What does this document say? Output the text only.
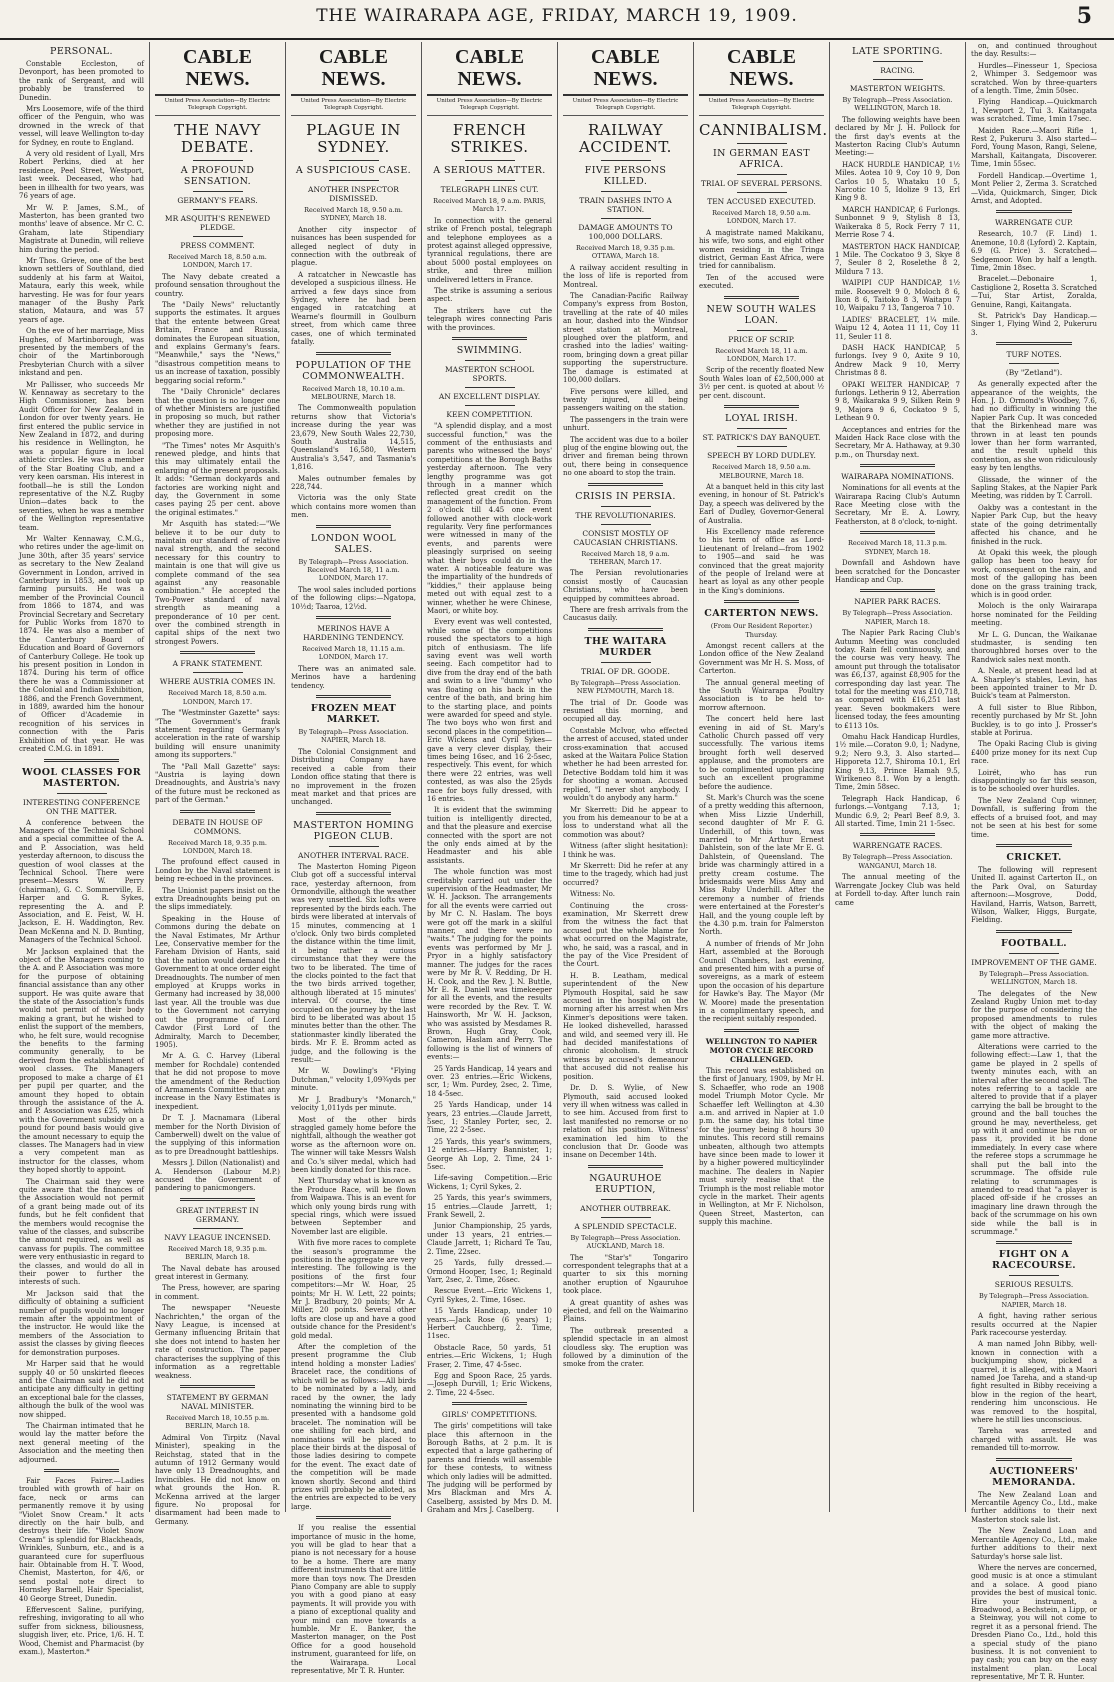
THE WAIRARAPA AGE, FRIDAY, MARCH 19, 1909.	5
PERSONAL.

Constable Eccleston, of Devonport, has been promoted to the rank of Sergeant, and will probably be transferred to Dunedin.

Mrs Loosemore, wife of the third officer of the Penguin, who was drowned in the wreck of that vessel, will leave Wellington to-day for Sydney, en route to England.

A very old resident of Lyall, Mrs Robert Perkins, died at her residence, Peel Street, Westport, last week. Deceased, who had been in illhealth for two years, was 76 years of age.

Mr W. P. James, S.M., of Masterton, has been granted two months' leave of absence. Mr C. C. Graham, late Stipendiary Magistrate at Dunedin, will relieve him during the period.

Mr Thos. Grieve, one of the best known settlers of Southland, died suddenly at his farm at Waitoi, Mataura, early this week, while harvesting. He was for four years manager of the Bushy Park station, Mataura, and was 57 years of age.

On the eve of her marriage, Miss Hughes, of Martinborough, was presented by the members of the choir of the Martinborough Presbyterian Church with a silver inkstand and pen.

Mr Pallisser, who succeeds Mr W. Kennaway as secretary to the High Commissioner, has been Audit Officer for New Zealand in London for over twenty years. He first entered the public service in New Zealand in 1872, and during his residence in Wellington, he was a popular figure in local athletic circles. He was a member of the Star Boating Club, and a very keen oarsman. His interest in football—he is still the London representative of the N.Z. Rugby Union—dates back to the seventies, when he was a member of the Wellington representative team.

Mr Walter Kennaway, C.M.G., who retires under the age-limit on June 30th, after 35 years' service as secretary to the New Zealand Government in London, arrived in Canterbury in 1853, and took up farming pursuits. He was a member of the Provincial Council from 1866 to 1874, and was Provincial Secretary and Secretary for Public Works from 1870 to 1874. He was also a member of the Canterbury Board of Education and Board of Governors of Canterbury College. He took up his present position in London in 1874. During his term of office there he was a Commissioner at the Colonial and Indian Exhibition, 1886, and the French Government, in 1889, awarded him the honour of Officer d'Academie in recognition of his services in connection with the Paris Exhibition of that year. He was created C.M.G. in 1891.

WOOL CLASSES FOR MASTERTON.
INTERESTING CONFERENCE ON THE MATTER.

A conference between the Managers of the Technical School and a special committee of the A. and P. Association, was held yesterday afternoon, to discuss the question of wool classes at the Technical School. There were present—Messrs W. Perry (chairman), G. C. Sommerville, E. Harper and G. R. Sykes, representing the A. and P. Association, and E. Feist, W. H. Jackson, E. H. Waddington, Rev. Dean McKenna and N. D. Bunting, Managers of the Technical School.

Mr Jackson explained that the object of the Managers coming to the A. and P. Association was more for the purpose of obtaining financial assistance than any other support. He was quite aware that the state of the Association's funds would not permit of their body making a grant, but he wished to enlist the support of the members, who, he felt sure, would recognise the benefits to the farming community generally, to be derived from the establishment of wool classes. The Managers proposed to make a charge of £1 per pupil per quarter, and the amount they hoped to obtain through the assistance of the A. and P. Association was £25, which with the Government subsidy on a pound for pound basis would give the amount necessary to equip the classes. The Managers had in view a very competent man as instructor for the classes, whom they hoped shortly to appoint.

The Chairman said they were quite aware that the finances of the Association would not permit of a grant being made out of its funds, but he felt confident that the members would recognise the value of the classes, and subscribe the amount required, as well as canvass for pupils. The committee were very enthusiastic in regard to the classes, and would do all in their power to further the interests of such.

Mr Jackson said that the difficulty of obtaining a sufficient number of pupils would no longer remain after the appointment of the instructor. He would like the members of the Association to assist the classes by giving fleeces for demonstration purposes.

Mr Harper said that he would supply 40 or 50 unskirted fleeces and the Chairman said he did not anticipate any difficulty in getting an exceptional bale for the classes, although the bulk of the wool was now shipped.

The Chairman intimated that he would lay the matter before the next general meeting of the Association and the meeting then adjourned.

Fair Faces Fairer.—Ladies troubled with growth of hair on face, neck or arms can permanently remove it by using "Violet Snow Cream." It acts directly on the hair bulb, and destroys their life. "Violet Snow Cream" is splendid for Blackheads, Wrinkles, Sunburn, etc., and is a guaranteed cure for superfluous hair. Obtainable from H. T. Wood, Chemist, Masterton, for 4/6, or send postal note direct to Hornsley Barnell, Hair Specialist, 40 George Street, Dunedin.

Effervescent Saline, purifying, refreshing, invigorating to all who suffer from sickness, biliousness, sluggish liver, etc. Price, 1/6. H. T. Wood, Chemist and Pharmacist (by exam.), Masterton.*

CABLE NEWS.
United Press Association—By Electric Telegraph Copyright.
THE NAVY DEBATE.
A PROFOUND SENSATION.
GERMANY'S FEARS.
MR ASQUITH'S RENEWED PLEDGE.
PRESS COMMENT.
Received March 18, 8.50 a.m. LONDON, March 17.

The Navy debate created a profound sensation throughout the country.

The "Daily News" reluctantly supports the estimates. It argues that the entente between Great Britain, France and Russia, dominates the European situation, and explains Germany's fears. "Meanwhile," says the "News," "disastrous competition means to us an increase of taxation, possibly beggaring social reform."

The "Daily Chronicle" declares that the question is no longer one of whether Ministers are justified in proposing so much, but rather whether they are justified in not proposing more.

"The Times" notes Mr Asquith's renewed pledge, and hints that this may ultimately entail the enlarging of the present proposals. It adds: "German dockyards and factories are working night and day, the Government in some cases paying 25 per cent. above the original estimates."

Mr Asquith has stated:—"We believe it to be our duty to maintain our standard of relative naval strength, and the second necessary for this country to maintain is one that will give us complete command of the sea against any reasonable combination." He accepted the Two-Power standard of naval strength as meaning a preponderance of 10 per cent. over the combined strength in capital ships of the next two strongest Powers.

A FRANK STATEMENT.
WHERE AUSTRIA COMES IN.
Received March 18, 8.50 a.m. LONDON, March 17.

The "Westminster Gazette" says: "The Government's frank statement regarding Germany's acceleration in the rate of warship building will ensure unanimity among its supporters."

The "Pall Mall Gazette" says: "Austria is laying down Dreadnoughts, and Austria's navy of the future must be reckoned as part of the German."

DEBATE IN HOUSE OF COMMONS.
Received March 18, 9.35 p.m. LONDON, March 18.

The profound effect caused in London by the Naval statement is being re-echoed in the provinces.

The Unionist papers insist on the extra Dreadnoughts being put on the slips immediately.

Speaking in the House of Commons during the debate on the Naval Estimates, Mr Arthur Lee, Conservative member for the Fareham Division of Hants, said that the nation would demand the Government to at once order eight Dreadnoughts. The number of men employed at Krupps works in Germany had increased by 38,000 last year. All the trouble was due to the Government not carrying out the programme of Lord Cawdor (First Lord of the Admiralty, March to December, 1905).

Mr A. G. C. Harvey (Liberal member for Rochdale) contended that he did not propose to move the amendment of the Reduction of Armaments Committee that any increase in the Navy Estimates is inexpedient.

Dr T. J. Macnamara (Liberal member for the North Division of Camberwell) dwelt on the value of the supplying of this information as to pre Dreadnought battleships.

Messrs J. Dillon (Nationalist) and A. Henderson (Labour M.P.) accused the Government of pandering to panicmongers.

GREAT INTEREST IN GERMANY.
NAVY LEAGUE INCENSED.
Received March 18, 9.35 p.m. BERLIN, March 18.

The Naval debate has aroused great interest in Germany.

The Press, however, are sparing in comment.

The newspaper "Neueste Nachrichten," the organ of the Navy League, is incensed at Germany influencing Britain that she does not intend to hasten her rate of construction. The paper characterises the supplying of this information as a regrettable weakness.

STATEMENT BY GERMAN NAVAL MINISTER.
Received March 18, 10.55 p.m. BERLIN, March 18.

Admiral Von Tirpitz (Naval Minister), speaking in the Reichstag, stated that in the autumn of 1912 Germany would have only 13 Dreadnoughts, and Invincibles. He did not know on what grounds the Hon. R. McKenna arrived at the larger figure. No proposal for disarmament had been made to Germany.

CABLE NEWS.
United Press Association—By Electric Telegraph Copyright.
PLAGUE IN SYDNEY.
A SUSPICIOUS CASE.
ANOTHER INSPECTOR DISMISSED.
Received March 18, 9.50 a.m. SYDNEY, March 18.

Another city inspector of nuisances has been suspended for alleged neglect of duty in connection with the outbreak of plague.

A ratcatcher in Newcastle has developed a suspicious illness. He arrived a few days since from Sydney, where he had been engaged in ratcatching at Wearne's flourmill in Goulburn street, from which came three cases, one of which terminated fatally.

POPULATION OF THE COMMONWEALTH.
Received March 18, 10.10 a.m. MELBOURNE, March 18.

The Commonwealth population returns show that Victoria's increase during the year was 23,679, New South Wales 22,730, South Australia 14,515, Queensland's 16,580, Western Australia's 3,547, and Tasmania's 1,816.

Males outnumber females by 228,744.

Victoria was the only State which contains more women than men.

LONDON WOOL SALES.
By Telegraph—Press Association. Received March 18, 11 a.m. LONDON, March 17.

The wool sales included portions of the following clips:—Ngatopa, 10½d; Taaroa, 12½d.

MERINOS HAVE A HARDENING TENDENCY.
Received March 18, 11.15 a.m. LONDON, March 17.

There was an animated sale. Merinos have a hardening tendency.

FROZEN MEAT MARKET.
By Telegraph—Press Association. NAPIER, March 18.

The Colonial Consignment and Distributing Company have received a cable from their London office stating that there is no improvement in the frozen meat market and that prices are unchanged.

MASTERTON HOMING PIGEON CLUB.
ANOTHER INTERVAL RACE.

The Masterton Homing Pigeon Club got off a successful interval race, yesterday afternoon, from Ormondville, although the weather was very unsettled. Six lofts were represented by the birds each. The birds were liberated at intervals of 15 minutes, commencing at 1 o'clock. Only two birds completed the distance within the time limit, it being rather a curious circumstance that they were the two to be liberated. The time of the clocks pointed to the fact that the two birds arrived together, although liberated at 15 minutes' interval. Of course, the time occupied on the journey by the last bird to be liberated was about 15 minutes better than the other. The stationmaster kindly liberated the birds. Mr F. E. Bromm acted as judge, and the following is the result:—

Mr W. Dowling's "Flying Dutchman," velocity 1,09¾yds per minute.

Mr J. Bradbury's "Monarch," velocity 1,011yds per minute.

Most of the other birds straggled gamely home before the nightfall, although the weather got worse as the afternoon wore on. The winner will take Messrs Walsh and Co.'s silver medal, which had been kindly donated for this race.

Next Thursday what is known as the Produce Race, will be flown from Waipawa. This is an event for which only young birds rung with special rings, which were issued between September and November last are eligible.

With five more races to complete the season's programme the positions in the aggregate are very interesting. The following is the positions of the first four competitors:—Mr W. Hoar, 25 points; Mr H. W. Lett, 22 points; Mr J. Bradbury, 20 points; Mr A. Miller, 20 points. Several other lofts are close up and have a good outside chance for the President's gold medal.

After the completion of the present programme the Club intend holding a monster Ladies' Bracelet race, the conditions of which will be as follows:—All birds to be nominated by a lady, and raced by the owner, the lady nominating the winning bird to be presented with a handsome gold bracelet. The nomination will be one shilling for each bird, and nominations will be placed to place their birds at the disposal of those ladies desiring to compete for the event. The exact date of the competition will be made known shortly. Second and third prizes will probably be alloted, as the entries are expected to be very large.

If you realise the essential importance of music in the home, you will be glad to hear that a piano is not necessary for a house to be a home. There are many different instruments that are little more than toys now. The Dresden Piano Company are able to supply you with a good piano at easy payments. It will provide you with a piano of exceptional quality and your mind can move towards a humble. Mr E. Banker, the Masterton manager, on the Post Office for a good household instrument, guaranteed for life, on the Wairarapa. Local representative, Mr T. R. Hunter.

CABLE NEWS.
United Press Association—By Electric Telegraph Copyright.
FRENCH STRIKES.
A SERIOUS MATTER.
TELEGRAPH LINES CUT.
Received March 18, 9 a.m. PARIS, March 17.

In connection with the general strike of French postal, telegraph and telephone employees as a protest against alleged oppressive, tyrannical regulations, there are about 5000 postal employees on strike, and three million undelivered letters in France.

The strike is assuming a serious aspect.

The strikers have cut the telegraph wires connecting Paris with the provinces.

SWIMMING.
MASTERTON SCHOOL SPORTS.
AN EXCELLENT DISPLAY.
KEEN COMPETITION.

"A splendid display, and a most successful function," was the comment of the enthusiasts and parents who witnessed the boys' competitions at the Borough Baths yesterday afternoon. The very lengthy programme was got through in a manner which reflected great credit on the management of the function. From 2 o'clock till 4.45 one event followed another with clock-work regularity. Very fine performances were witnessed in many of the events, and parents were pleasingly surprised on seeing what their boys could do in the water. A noticeable feature was the impartiality of the hundreds of "kiddies," their applause being meted out with equal zest to a winner, whether he were Chinese, Maori, or white boy.

Every event was well contested, while some of the competitions roused the spectators to a high pitch of enthusiasm. The life saving event was well worth seeing. Each competitor had to dive from the dray end of the bath and swim to a live "dummy" who was floating on his back in the centre of the bath, and bring him to the starting place, and points were awarded for speed and style. The two boys who won first and second places in the competition—Eric Wickens and Cyril Sykes—gave a very clever display, their times being 16sec, and 16 2-5sec, respectively. This event, for which there were 22 entries, was well contested, as was also the 25yds race for boys fully dressed, with 16 entries.

It is evident that the swimming tuition is intelligently directed, and that the pleasure and exercise connected with the sport are not the only ends aimed at by the Headmaster and his able assistants.

The whole function was most creditably carried out under the supervision of the Headmaster, Mr W. H. Jackson. The arrangements for all the events were carried out by Mr C. N. Haslam. The boys were got off the mark in a skilful manner, and there were no "waits." The judging for the points events was performed by Mr J. Pryor in a highly satisfactory manner. The judges for the races were by Mr R. V. Redding, Dr H. H. Cook, and the Rev. J. N. Buttle, Mr E. R. Daniell was timekeeper for all the events, and the results were recorded by the Rev. T. W. Hainsworth, Mr W. H. Jackson, who was assisted by Mesdames R. Brown, Hugh Gray, Cook, Cameron, Haslam and Perry. The following is the list of winners of events:—

25 Yards Handicap, 14 years and over. 23 entries.—Eric Wickens, scr, 1; Wm. Purdey, 2sec, 2. Time, 18 4-5sec.

25 Yards Handicap, under 14 years, 23 entries.—Claude Jarrett, 5sec, 1; Stanley Porter, sec, 2. Time, 22 2-5sec.

25 Yards, this year's swimmers, 12 entries.—Harry Bannister, 1; George Ah Lop, 2. Time, 24 1-5sec.

Life-saving Competition.—Eric Wickens, 1; Cyril Sykes, 2.

25 Yards, this year's swimmers, 15 entries.—Claude Jarrett, 1; Frank Sewell, 2.

Junior Championship, 25 yards, under 13 years, 21 entries.—Claude Jarrett, 1; Richard Te Tau, 2. Time, 22sec.

25 Yards, fully dressed.—Ormond Hooper, 1sec, 1; Reginald Yarr, 2sec, 2. Time, 26sec.

Rescue Event.—Eric Wickens 1, Cyril Sykes, 2. Time, 16sec.

15 Yards Handicap, under 10 years.—Jack Rose (6 years) 1; Herbert Cauchberg, 2. Time, 11sec.

Obstacle Race, 50 yards, 51 entries.—Eric Wickens, 1; Hugh Fraser, 2. Time, 47 4-5sec.

Egg and Spoon Race, 25 yards.—Joseph Durvill, 1; Eric Wickens, 2. Time, 22 4-5sec.

GIRLS' COMPETITIONS.

The girls' competitions will take place this afternoon in the Borough Baths, at 2 p.m. It is expected that a large gathering of parents and friends will assemble for these contests, to witness which only ladies will be admitted. The judging will be performed by Mrs Blackman and Mrs A. Caselberg, assisted by Mrs D. M. Graham and Mrs J. Caselberg.

CABLE NEWS.
United Press Association—By Electric Telegraph Copyright.
RAILWAY ACCIDENT.
FIVE PERSONS KILLED.
TRAIN DASHES INTO A STATION.
DAMAGE AMOUNTS TO 100,000 DOLLARS.
Received March 18, 9.35 p.m. OTTAWA, March 18.

A railway accident resulting in the loss of life is reported from Montreal.

The Canadian-Pacific Railway Company's express from Boston, travelling at the rate of 40 miles an hour, dashed into the Windsor street station at Montreal, ploughed over the platform, and crashed into the ladies' waiting-room, bringing down a great pillar supporting the superstructure. The damage is estimated at 100,000 dollars.

Five persons were killed, and twenty injured, all being passengers waiting on the station.

The passengers in the train were unhurt.

The accident was due to a boiler plug of the engine blowing out, the driver and fireman being thrown out, there being in consequence no one aboard to stop the train.

CRISIS IN PERSIA.
THE REVOLUTIONARIES.
CONSIST MOSTLY OF CAUCASIAN CHRISTIANS.
Received March 18, 9 a.m. TEHERAN, March 17.

The Persian revolutionaries consist mostly of Caucasian Christians, who have been equipped by committees abroad.

There are fresh arrivals from the Caucasus daily.

THE WAITARA MURDER
TRIAL OF DR. GOODE.
By Telegraph—Press Association. NEW PLYMOUTH, March 18.

The trial of Dr. Goode was resumed this morning, and occupied all day.

Constable McIvor, who effected the arrest of accused, stated under cross-examination that accused asked at the Waitara Police Station whether he had been arrested for. Detective Boddam told him it was for shooting a woman. Accused replied, "I never shot anybody. I wouldn't do anybody any harm."

Mr Skerrett: Did he appear to you from his demeanour to be at a loss to understand what all the commotion was about?

Witness (after slight hesitation): I think he was.

Mr Skerrett: Did he refer at any time to the tragedy, which had just occurred?

Witness: No.

Continuing the cross-examination, Mr Skerrett drew from the witness the fact that accused put the whole blame for what occurred on the Magistrate, who, he said, was a rascal, and in the pay of the Vice President of the Court.

H. B. Leatham, medical superintendent of the New Plymouth Hospital, said he saw accused in the hospital on the morning after his arrest when Mrs Kinmer's depositions were taken. He looked dishevelled, harassed and wild, and seemed very ill. He had decided manifestations of chronic alcoholism. It struck witness by accused's demeanour that accused did not realise his position.

Dr. D. S. Wylie, of New Plymouth, said accused looked very ill when witness was called in to see him. Accused from first to last manifested no remorse or no relation of his position. Witness' examination led him to the conclusion that Dr. Goode was insane on December 14th.

NGAURUHOE ERUPTION,
ANOTHER OUTBREAK.
A SPLENDID SPECTACLE.
By Telegraph—Press Association. AUCKLAND, March 18.

The "Star's" Tongariro correspondent telegraphs that at a quarter to six this morning another eruption of Ngauruhoe took place.

A great quantity of ashes was ejected, and fell on the Waimarino Plains.

The outbreak presented a splendid spectacle in an almost cloudless sky. The eruption was followed by a diminution of the smoke from the crater.

CABLE NEWS.
United Press Association—By Electric Telegraph Copyright.
CANNIBALISM.
IN GERMAN EAST AFRICA.
TRIAL OF SEVERAL PERSONS.
TEN ACCUSED EXECUTED.
Received March 18, 9.50 a.m. LONDON, March 17.

A magistrate named Makikanu, his wife, two sons, and eight other women residing in the Tringa district, German East Africa, were tried for cannibalism.

Ten of the accused were executed.

NEW SOUTH WALES LOAN.
PRICE OF SCRIP.
Received March 18, 11 a.m. LONDON, March 17.

Scrip of the recently floated New South Wales loan of £2,500,000 at 3½ per cent. is quoted at about ½ per cent. discount.

LOYAL IRISH.
ST. PATRICK'S DAY BANQUET.
SPEECH BY LORD DUDLEY.
Received March 18, 9.50 a.m. MELBOURNE, March 18.

At a banquet held in this city last evening, in honour of St. Patrick's Day, a speech was delivered by the Earl of Dudley, Governor-General of Australia.

His Excellency made reference to his term of office as Lord-Lieutenant of Ireland—from 1902 to 1905—and said he was convinced that the great majority of the people of Ireland were at heart as loyal as any other people in the King's dominions.

CARTERTON NEWS.
(From Our Resident Reporter.) Thursday.

Amongst recent callers at the London office of the New Zealand Government was Mr H. S. Moss, of Carterton.

The annual general meeting of the South Wairarapa Poultry Association is to be held to-morrow afternoon.

The concert held here last evening in aid of St. Mary's Catholic Church passed off very successfully. The various items brought forth well deserved applause, and the promoters are to be complimented upon placing such an excellent programme before the audience.

St. Mark's Church was the scene of a pretty wedding this afternoon, when Miss Lizzie Underhill, second daughter of Mr F. G. Underhill, of this town, was married to Mr Arthur Ernest Dahlstein, son of the late Mr E. G. Dahlstein, of Queensland. The bride was charmingly attired in a pretty cream costume. The bridesmaids were Miss Amy and Miss Ruby Underhill. After the ceremony a number of friends were entertained at the Forester's Hall, and the young couple left by the 4.30 p.m. train for Palmerston North.

A number of friends of Mr John Hart, assembled at the Borough Council Chambers, last evening, and presented him with a purse of sovereigns, as a mark of esteem upon the occasion of his departure for Hawke's Bay. The Mayor (Mr W. Moore) made the presentation in a complimentary speech, and the recipient suitably responded.

WELLINGTON TO NAPIER MOTOR CYCLE RECORD CHALLENGED.

This record was established on the first of January, 1909, by Mr H. S. Schaeffer, who rode an 1908 model Triumph Motor Cycle. Mr Schaeffer left Wellington at 4.30 a.m. and arrived in Napier at 1.0 p.m. the same day, his total time for the journey being 8 hours 30 minutes. This record still remains unbeaten, although two attempts have since been made to lower it by a higher powered multicylinder machine. The dealers in Napier must surely realise that the Triumph is the most reliable motor cycle in the market. Their agents in Wellington, at Mr F. Nicholson, Queen Street, Masterton, can supply this machine.

LATE SPORTING.
RACING.
MASTERTON WEIGHTS.
By Telegraph—Press Association. WELLINGTON, March 18.

The following weights have been declared by Mr J. H. Pollock for the first day's events at the Masterton Racing Club's Autumn Meeting:—

HACK HURDLE HANDICAP, 1½ Miles. Aotea 10 9, Coy 10 9, Don Carlos 10 5, Whataku 10 5, Narcotic 10 5, Idolize 9 13, Erl King 9 8.

MARCH HANDICAP, 6 Furlongs. Sunbonnet 9 9, Stylish 8 13, Waikeraka 8 5, Rock Ferry 7 11, Merrie Rose 7 4.

MASTERTON HACK HANDICAP, 1 Mile. The Cockatoo 9 3, Skye 8 7, Seuler 8 2, Roselethe 8 2, Mildura 7 13.

WAIPIPI CUP HANDICAP, 1½ mile. Roosevelt 9 0, Moloch 8 6, Ikon 8 6, Taitoko 8 3, Waitapu 7 10, Waipaku 7 13, Tangeroa 7 10.

LADIES' BRACELET, 1¼ mile. Waipu 12 4, Aotea 11 11, Coy 11 11, Seuler 11 8.

DASH HACK HANDICAP, 5 furlongs. Ivey 9 0, Axite 9 10, Andrew Mack 9 10, Merry Christmas 8 8.

OPAKI WELTER HANDICAP, 7 furlongs. Letherin 9 12, Aberration 9 8, Waikaraka 9 9, Silken Rein 9 9, Majora 9 6, Cockatoo 9 5, Lethean 9 0.

Acceptances and entries for the Maiden Hack Race close with the Secretary, Mr A. Hathaway, at 9.30 p.m., on Thursday next.

WAIRARAPA NOMINATIONS.

Nominations for all events at the Wairarapa Racing Club's Autumn Race Meeting close with the Secretary, Mr E. A. Lowry, Featherston, at 8 o'clock, to-night.

Received March 18, 11.3 p.m. SYDNEY, March 18.

Downfall and Ashdown have been scratched for the Doncaster Handicap and Cup.

NAPIER PARK RACES.
By Telegraph—Press Association. NAPIER, March 18.

The Napier Park Racing Club's Autumn Meeting was concluded today. Rain fell continuously, and the course was very heavy. The amount put through the totalisator was £6,137, against £8,905 for the corresponding day last year. The total for the meeting was £10,718, as compared with £16,251 last year. Seven bookmakers were licensed today, the fees amounting to £113 10s.

Omahu Hack Handicap Hurdles, 1½ mile.—Coraton 9.0, 1; Nadyne, 9.2; Nero 9.3, 3. Also started—Hipporeta 12.7, Shiroma 10.1, Erl King 9.13, Prince Hamah 9.5, Wirikeneo 8.1. Won by a length. Time, 2min 58sec.

Telegraph Hack Handicap, 6 furlongs.—Vontgang 7.13, 1; Mundic 6.9, 2; Pearl Beef 8.9, 3. All started. Time, 1min 21 1-5sec.

WARRENGATE RACES.
By Telegraph—Press Association. WANGANUI, March 18.

The annual meeting of the Warrengate Jockey Club was held at Fordell to-day. After lunch rain came

on, and continued throughout the day. Results:—

Hurdles—Finesseur 1, Speciosa 2, Whimper 3. Sedgemoor was scratched. Won by three-quarters of a length. Time, 2min 50sec.

Flying Handicap.—Quickmarch 1, Newport 2, Tui 3. Kaitangata was scratched. Time, 1min 17sec.

Maiden Race.—Maori Rifle 1, Rest 2, Pukeruru 3. Also started—Ford, Young Mason, Rangi, Selene, Marshall, Kaitangata, Discoverer. Time, 1min 55sec.

Fordell Handicap.—Overtime 1, Mont Pelier 2, Zerma 3. Scratched—Vida, Quickmarch, Singer, Dick Arnst, and Adopted.

WARRENGATE CUP.

Research, 10.7 (F. Lind) 1. Anemone, 10.8 (Lyford) 2. Kaptain, 6.9 (G. Price) 3. Scratched—Sedgemoor. Won by half a length. Time, 2min 18sec.

Bracelet.—Debonaire 1, Castiglione 2, Rosetta 3. Scratched—Tui, Star Artist, Zoralda, Genuine, Rangi, Kaitangata.

St. Patrick's Day Handicap.—Singer 1, Flying Wind 2, Pukeruru 3.

TURF NOTES.
(By "Zetland").

As generally expected after the appearance of the weights, the Hon. J. D. Ormond's Woodbey, 7.6, had no difficulty in winning the Napier Park Cup. It was conceded that the Birkenhead mare was thrown in at least ten pounds lower than her form warranted, and the result upheld this contention, as she won ridiculously easy by ten lengths.

Glissade, the winner of the Sapling Stakes, at the Napier Park Meeting, was ridden by T. Carroll.

Oakby was a contestant in the Napier Park Cup, but the heavy state of the going detrimentally affected his chance, and he finished in the ruck.

At Opaki this week, the plough gallop has been too heavy for work, consequent on the rain, and most of the galloping has been done on the grass training track, which is in good order.

Moloch is the only Wairarapa horse nominated for the Feilding meeting.

Mr L. G. Duncan, the Waikanae studmaster, is sending ten thoroughbred horses over to the Randwick sales next month.

A. Neale, at present head lad at A. Sharpley's stables, Levin, has been appointed trainer to Mr D. Buick's team at Palmerston.

A full sister to Blue Ribbon, recently purchased by Mr St. John Buckley, is to go into J. Prosser's stable at Porirua.

The Opaki Racing Club is giving £400 prize money for its next Cup race.

Loirét, who has run disappointingly so far this season, is to be schooled over hurdles.

The New Zealand Cup winner, Downfall, is suffering from the effects of a bruised foot, and may not be seen at his best for some time.

CRICKET.

The following will represent United II. against Carterton II., on the Park Oval, on Saturday afternoon:—Mosgrove, Dodd, Haviland, Harris, Watson, Barrett, Wilson, Walker, Higgs, Burgate, Fielding.

FOOTBALL.
IMPROVEMENT OF THE GAME.
By Telegraph—Press Association. WELLINGTON, March 18.

The delegates of the New Zealand Rugby Union met to-day for the purpose of considering the proposed amendments to rules with the object of making the game more attractive.

Alterations were carried to the following effect:—Law 1, that the game be played in 2 spells of twenty minutes each, with an interval after the second spell. The notes referring to a tackle are altered to provide that if a player carrying the ball be brought to the ground and the ball touches the ground he may, nevertheless, get up with it and continue his run or pass it, provided it be done immediately. In every case where the referee stops a scrummage he shall put the ball into the scrummage. The offside rule relating to scrummages is amended to read that "a player is placed off-side if he crosses an imaginary line drawn through the back of the scrummage on his own side while the ball is in scrummage."

FIGHT ON A RACECOURSE.
SERIOUS RESULTS.
By Telegraph—Press Association. NAPIER, March 18.

A fight, having rather serious results occurred at the Napier Park racecourse yesterday.

A man named John Bibby, well-known in connection with a buckjumping show, picked a quarrel, it is alleged, with a Maori named Joe Tareha, and a stand-up fight resulted in Bibby receiving a blow in the region of the heart, rendering him unconscious. He was removed to the hospital, where he still lies unconscious.

Tareha was arrested and charged with assault. He was remanded till to-morrow.

AUCTIONEERS' MEMORANDA.

The New Zealand Loan and Mercantile Agency Co., Ltd., make further additions to their next Masterton stock sale list.

The New Zealand Loan and Mercantile Agency Co., Ltd., make further additions to their next Saturday's horse sale list.

Where the nerves are concerned, good music is at once a stimulant and a solace. A good piano provides the best of musical tonic. Hire your instrument, a Broadwood, a Bechstein, a Lipp, or a Steinway, you will not come to regret it as a personal friend. The Dresden Piano Co., Ltd., hold this a special study of the piano business. It is not convenient to pay cash; you can buy on the easy instalment plan. Local representative, Mr T. R. Hunter.
